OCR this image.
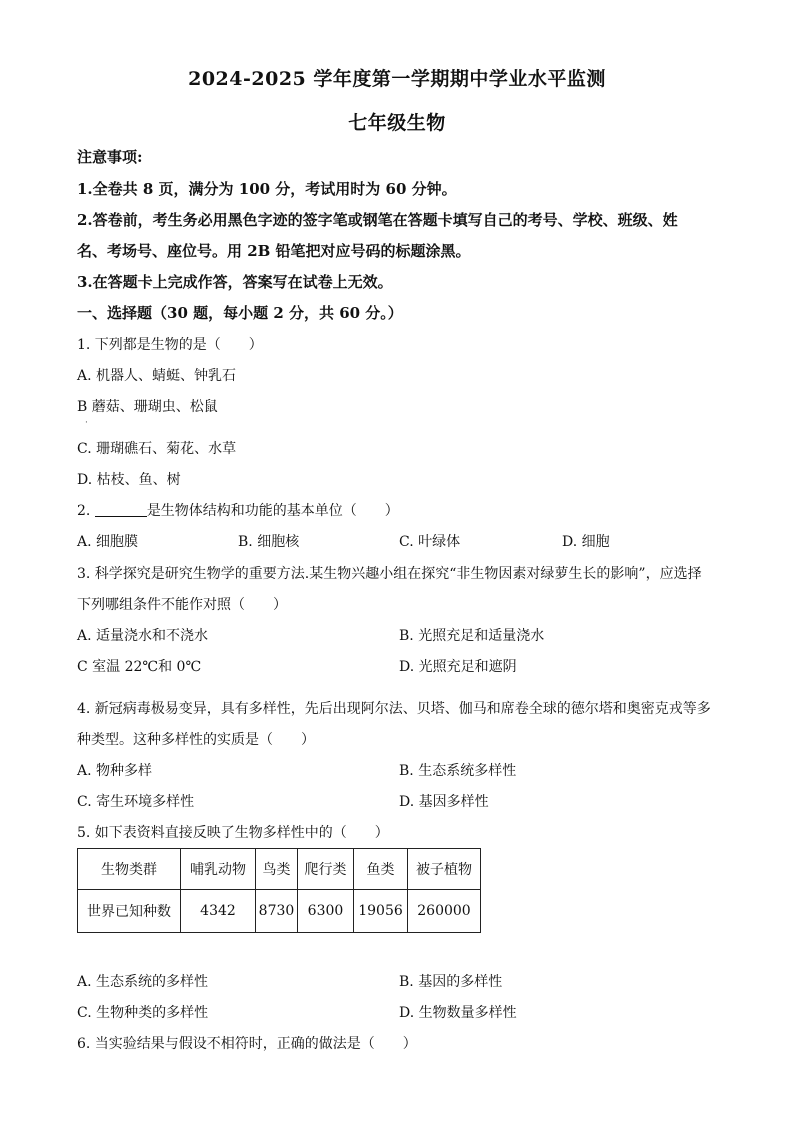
2024-2025 学年度第一学期期中学业水平监测
七年级生物
注意事项:
1.全卷共 8 页，满分为 100 分，考试用时为 60 分钟。
2.答卷前，考生务必用黑色字迹的签字笔或钢笔在答题卡填写自己的考号、学校、班级、姓
名、考场号、座位号。用 2B 铅笔把对应号码的标题涂黑。
3.在答题卡上完成作答，答案写在试卷上无效。
一、选择题（30 题，每小题 2 分，共 60 分。）
1. 下列都是生物的是（　　）
A. 机器人、蜻蜓、钟乳石
B 蘑菇、珊瑚虫、松鼠
·
C. 珊瑚礁石、菊花、水草
D. 枯枝、鱼、树
2.	是生物体结构和功能的基本单位（　　）
A. 细胞膜	B. 细胞核	C. 叶绿体	D. 细胞
3. 科学探究是研究生物学的重要方法.某生物兴趣小组在探究“非生物因素对绿萝生长的影响”，应选择
下列哪组条件不能作对照（　　）
A. 适量浇水和不浇水	B. 光照充足和适量浇水
C 室温 22℃和 0℃	D. 光照充足和遮阴
4. 新冠病毒极易变异，具有多样性，先后出现阿尔法、贝塔、伽马和席卷全球的德尔塔和奥密克戎等多
种类型。这种多样性的实质是（　　）
A. 物种多样	B. 生态系统多样性
C. 寄生环境多样性	D. 基因多样性
5. 如下表资料直接反映了生物多样性中的（　　）
生物类群	哺乳动物	鸟类	爬行类	鱼类	被子植物
世界已知种数	4342	8730	6300	19056	260000
A. 生态系统的多样性	B. 基因的多样性
C. 生物种类的多样性	D. 生物数量多样性
6. 当实验结果与假设不相符时，正确的做法是（　　）
